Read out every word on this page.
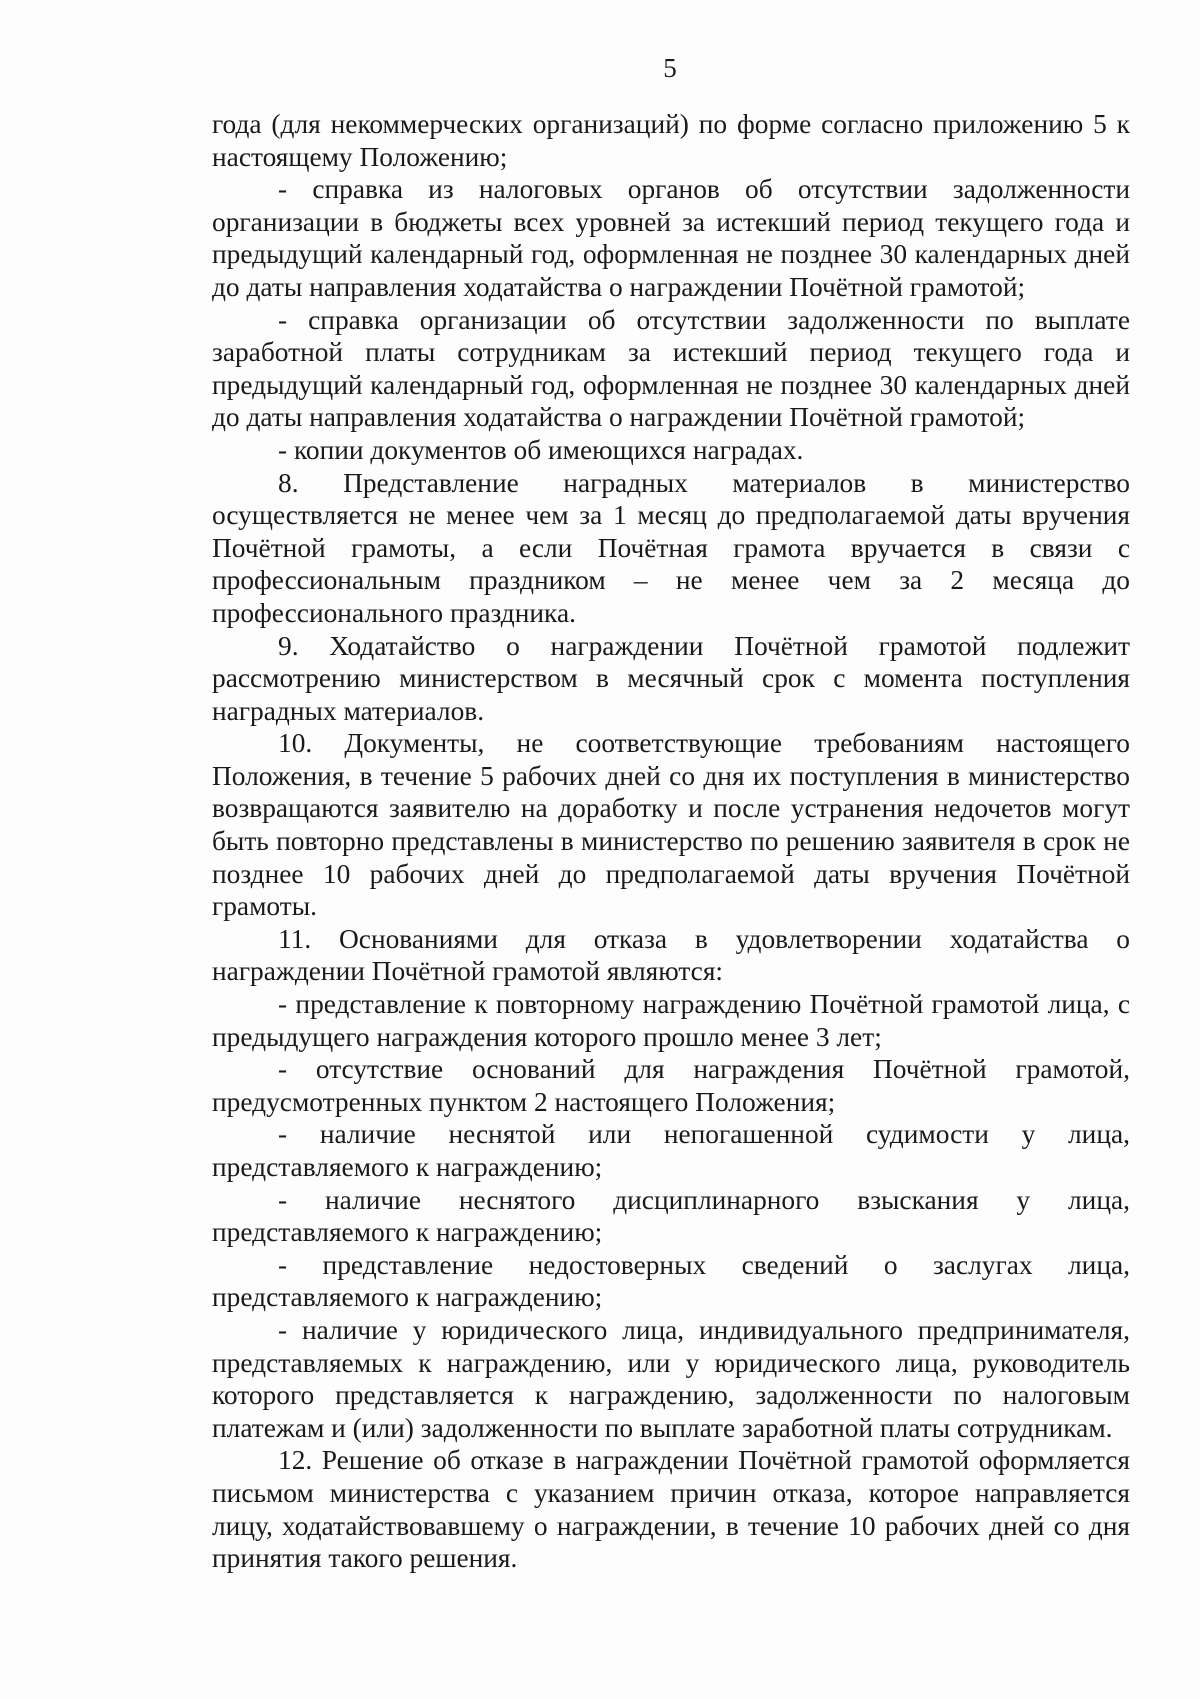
5

года (для некоммерческих организаций) по форме согласно приложению 5 к настоящему Положению;

- справка из налоговых органов об отсутствии задолженности организации в бюджеты всех уровней за истекший период текущего года и предыдущий календарный год, оформленная не позднее 30 календарных дней до даты направления ходатайства о награждении Почётной грамотой;

- справка организации об отсутствии задолженности по выплате заработной платы сотрудникам за истекший период текущего года и предыдущий календарный год, оформленная не позднее 30 календарных дней до даты направления ходатайства о награждении Почётной грамотой;

- копии документов об имеющихся наградах.

8. Представление наградных материалов в министерство осуществляется не менее чем за 1 месяц до предполагаемой даты вручения Почётной грамоты, а если Почётная грамота вручается в связи с профессиональным праздником – не менее чем за 2 месяца до профессионального праздника.

9. Ходатайство о награждении Почётной грамотой подлежит рассмотрению министерством в месячный срок с момента поступления наградных материалов.

10. Документы, не соответствующие требованиям настоящего Положения, в течение 5 рабочих дней со дня их поступления в министерство возвращаются заявителю на доработку и после устранения недочетов могут быть повторно представлены в министерство по решению заявителя в срок не позднее 10 рабочих дней до предполагаемой даты вручения Почётной грамоты.

11. Основаниями для отказа в удовлетворении ходатайства о награждении Почётной грамотой являются:

- представление к повторному награждению Почётной грамотой лица, с предыдущего награждения которого прошло менее 3 лет;

- отсутствие оснований для награждения Почётной грамотой, предусмотренных пунктом 2 настоящего Положения;

- наличие неснятой или непогашенной судимости у лица, представляемого к награждению;

- наличие неснятого дисциплинарного взыскания у лица, представляемого к награждению;

- представление недостоверных сведений о заслугах лица, представляемого к награждению;

- наличие у юридического лица, индивидуального предпринимателя, представляемых к награждению, или у юридического лица, руководитель которого представляется к награждению, задолженности по налоговым платежам и (или) задолженности по выплате заработной платы сотрудникам.

12. Решение об отказе в награждении Почётной грамотой оформляется письмом министерства с указанием причин отказа, которое направляется лицу, ходатайствовавшему о награждении, в течение 10 рабочих дней со дня принятия такого решения.
